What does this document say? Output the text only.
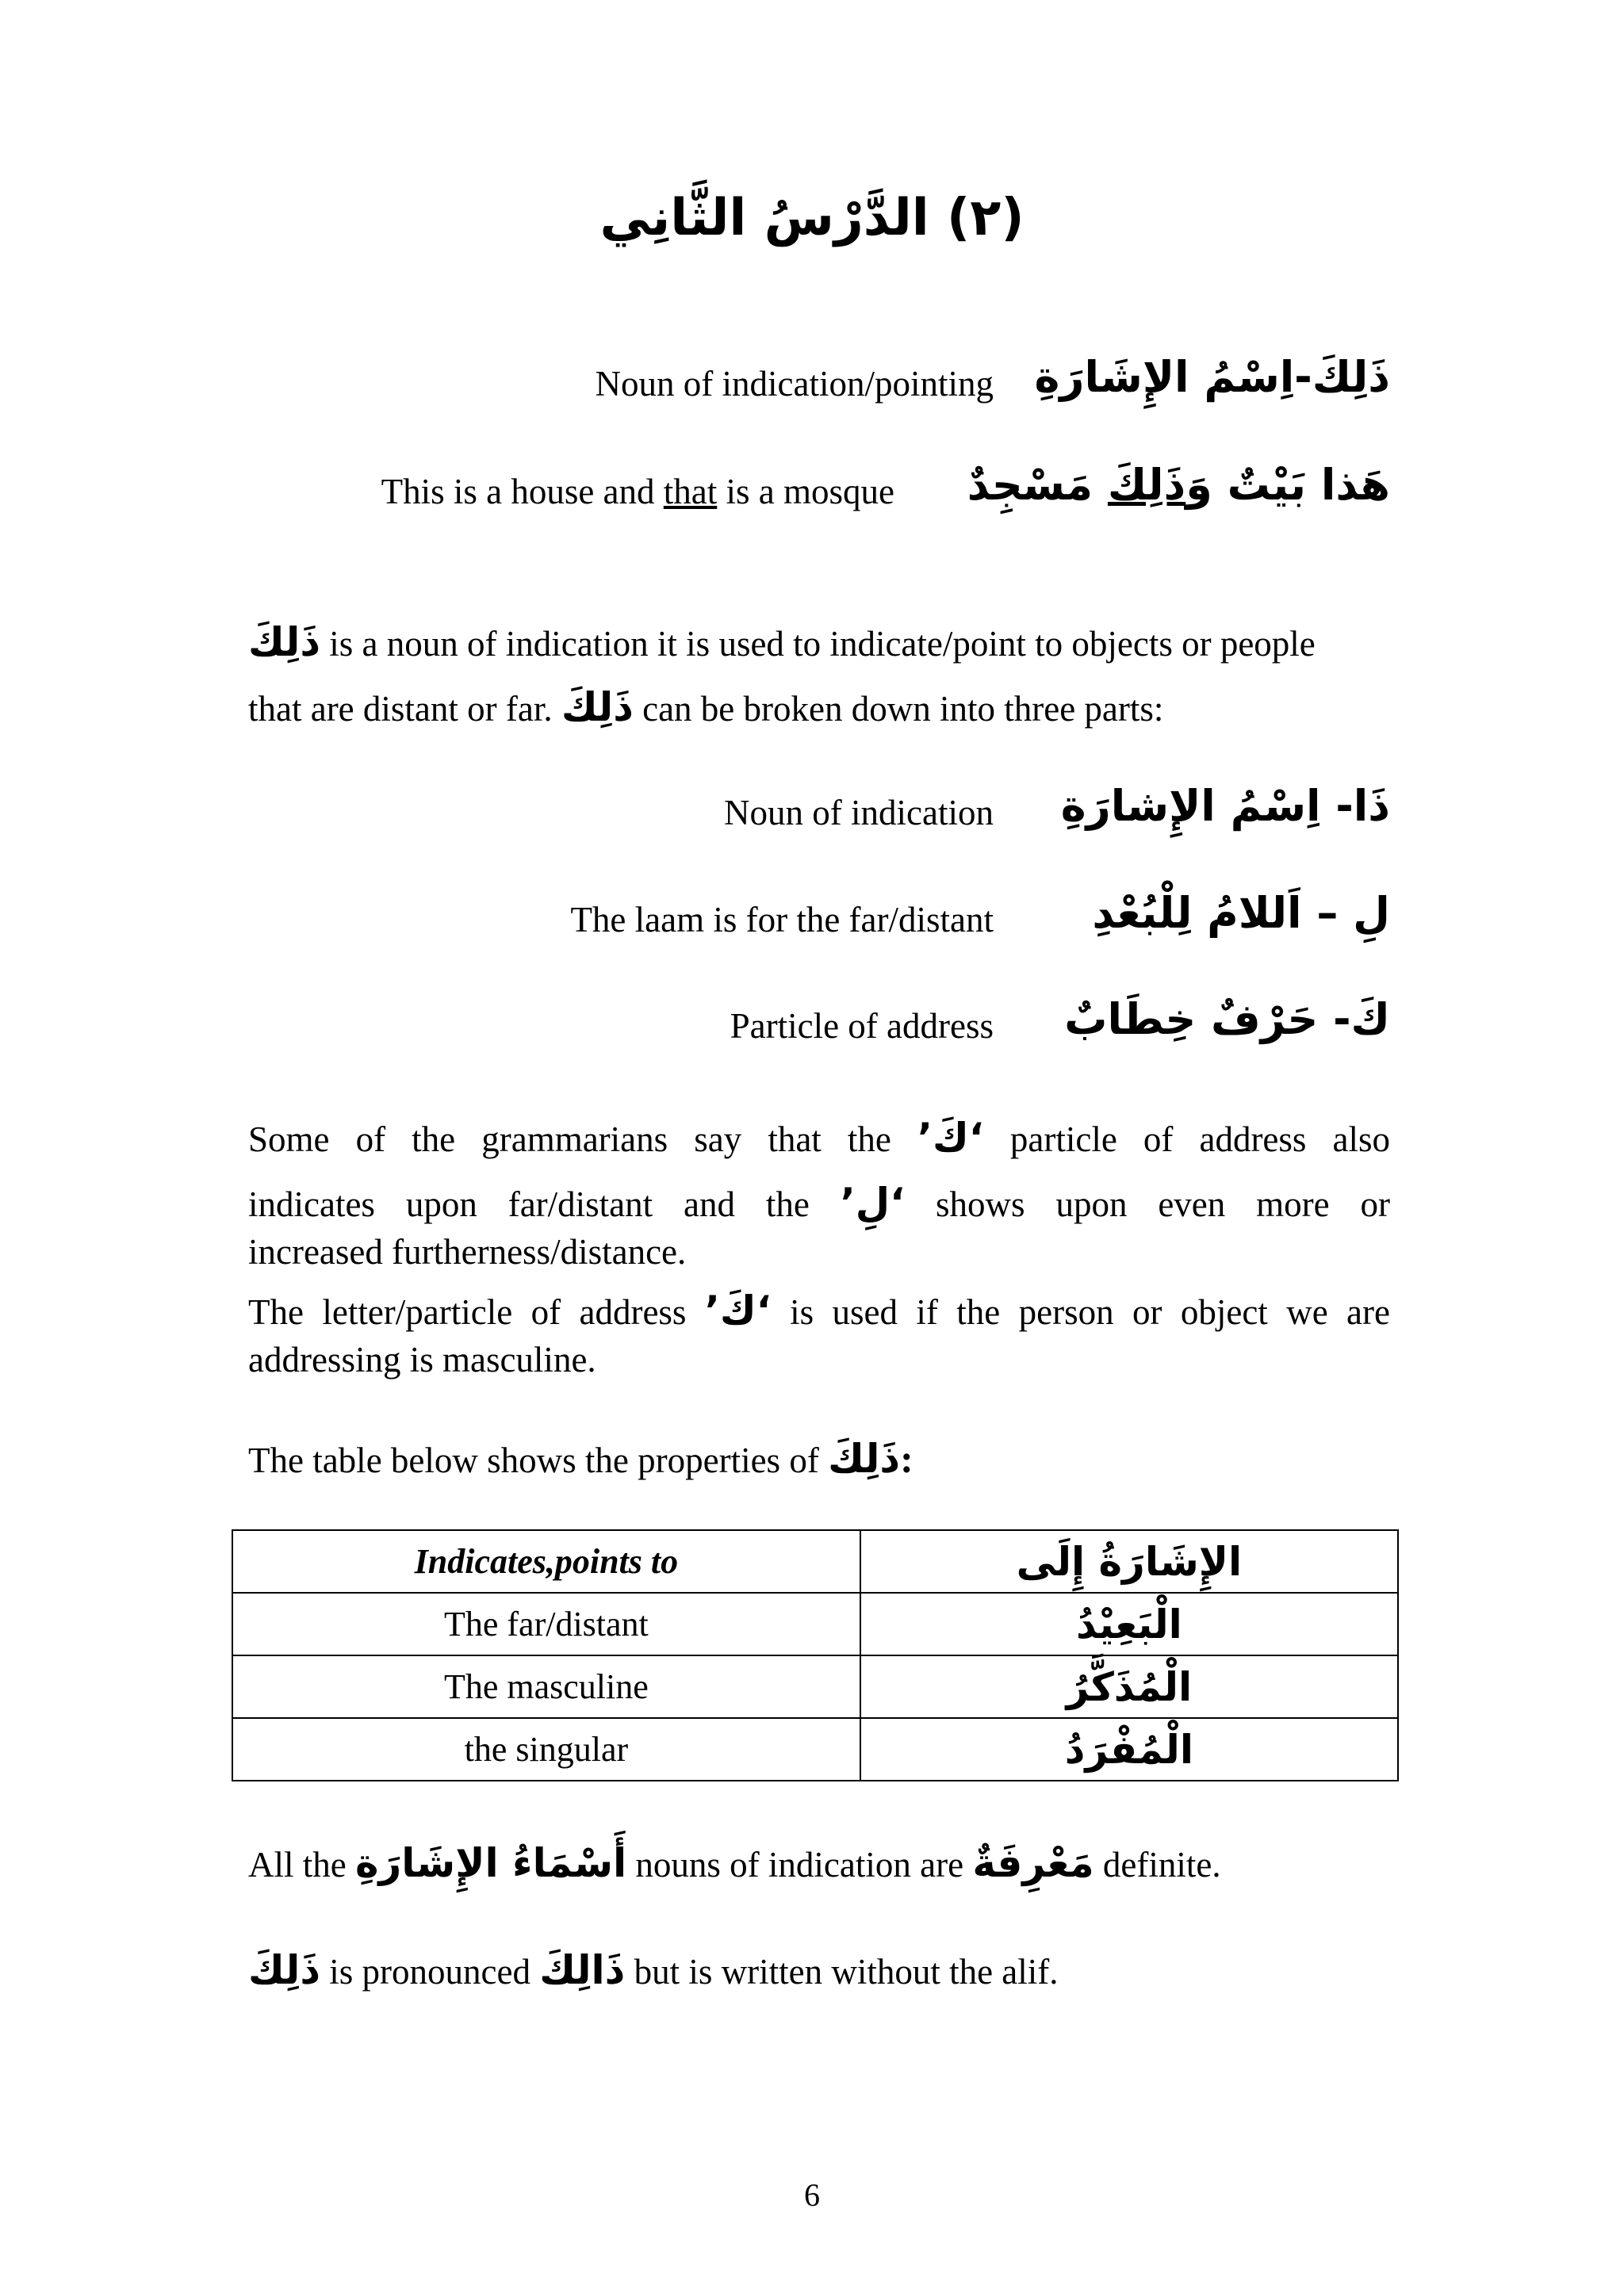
(٢) الدَّرْسُ الثَّانِي
ذَلِكَ-اِسْمُ الإِشَارَةِ
Noun of indication/pointing
هَذا بَيْتٌ وَذَلِكَ مَسْجِدٌ
This is a house and that is a mosque
ذَلِكَ is a noun of indication it is used to indicate/point to objects or people
that are distant or far. ذَلِكَ can be broken down into three parts:
ذَا- اِسْمُ الإِشارَةِ
Noun of indication
لِ – اَللامُ لِلْبُعْدِ
The laam is for the far/distant
كَ- حَرْفٌ خِطَابٌ
Particle of address
Some of the grammarians say that the ‘كَ’ particle of address also
indicates upon far/distant and the ‘لِ’ shows upon even more or
increased furtherness/distance.
The letter/particle of address ‘كَ’ is used if the person or object we are
addressing is masculine.
The table below shows the properties of ذَلِكَ:
Indicates,points to	الإِشَارَةُ إِلَى
The far/distant	الْبَعِيْدُ
The masculine	الْمُذَكَّرُ
the singular	الْمُفْرَدُ
All the أَسْمَاءُ الإِشَارَةِ nouns of indication are مَعْرِفَةٌ definite.
ذَلِكَ is pronounced ذَالِكَ but is written without the alif.
6
